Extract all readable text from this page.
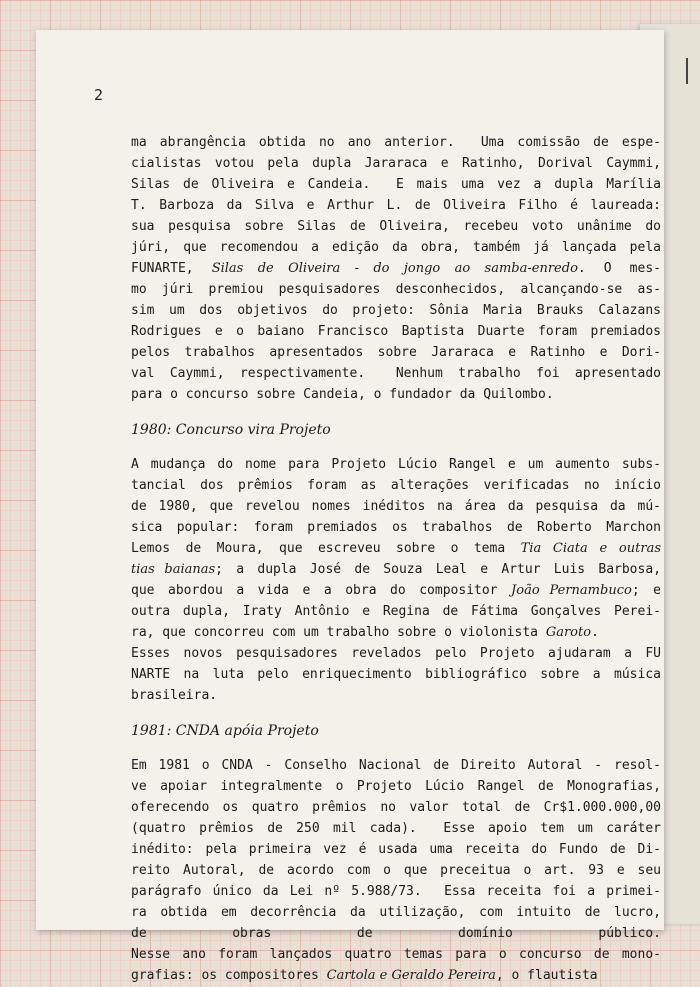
2
ma abrangência obtida no ano anterior.  Uma comissão de espe-
cialistas votou pela dupla Jararaca e Ratinho, Dorival Caymmi,
Silas de Oliveira e Candeia.  E mais uma vez a dupla Marília
T. Barboza da Silva e Arthur L. de Oliveira Filho é laureada:
sua pesquisa sobre Silas de Oliveira, recebeu voto unânime do
júri, que recomendou a edição da obra, também já lançada pela
FUNARTE, Silas de Oliveira - do jongo ao samba-enredo. O mes-
mo júri premiou pesquisadores desconhecidos, alcançando-se as-
sim um dos objetivos do projeto: Sônia Maria Brauks Calazans
Rodrigues e o baiano Francisco Baptista Duarte foram premiados
pelos trabalhos apresentados sobre Jararaca e Ratinho e Dori-
val Caymmi, respectivamente.  Nenhum trabalho foi apresentado
para o concurso sobre Candeia, o fundador da Quilombo.
1980: Concurso vira Projeto
A mudança do nome para Projeto Lúcio Rangel e um aumento subs-
tancial dos prêmios foram as alterações verificadas no início
de 1980, que revelou nomes inéditos na área da pesquisa da mú-
sica popular: foram premiados os trabalhos de Roberto Marchon
Lemos de Moura, que escreveu sobre o tema Tia Ciata e outras
tias baianas; a dupla José de Souza Leal e Artur Luis Barbosa,
que abordou a vida e a obra do compositor João Pernambuco; e
outra dupla, Iraty Antônio e Regina de Fátima Gonçalves Perei-
ra, que concorreu com um trabalho sobre o violonista Garoto.
Esses novos pesquisadores revelados pelo Projeto ajudaram a FU
NARTE na luta pelo enriquecimento bibliográfico sobre a música
brasileira.
1981: CNDA apóia Projeto
Em 1981 o CNDA - Conselho Nacional de Direito Autoral - resol-
ve apoiar integralmente o Projeto Lúcio Rangel de Monografias,
oferecendo os quatro prêmios no valor total de Cr$1.000.000,00
(quatro prêmios de 250 mil cada).  Esse apoio tem um caráter
inédito: pela primeira vez é usada uma receita do Fundo de Di-
reito Autoral, de acordo com o que preceitua o art. 93 e seu
parágrafo único da Lei nº 5.988/73.  Essa receita foi a primei-
ra obtida em decorrência da utilização, com intuito de lucro,
de obras de domínio público.
Nesse ano foram lançados quatro temas para o concurso de mono-
grafias: os compositores Cartola e Geraldo Pereira, o flautista
